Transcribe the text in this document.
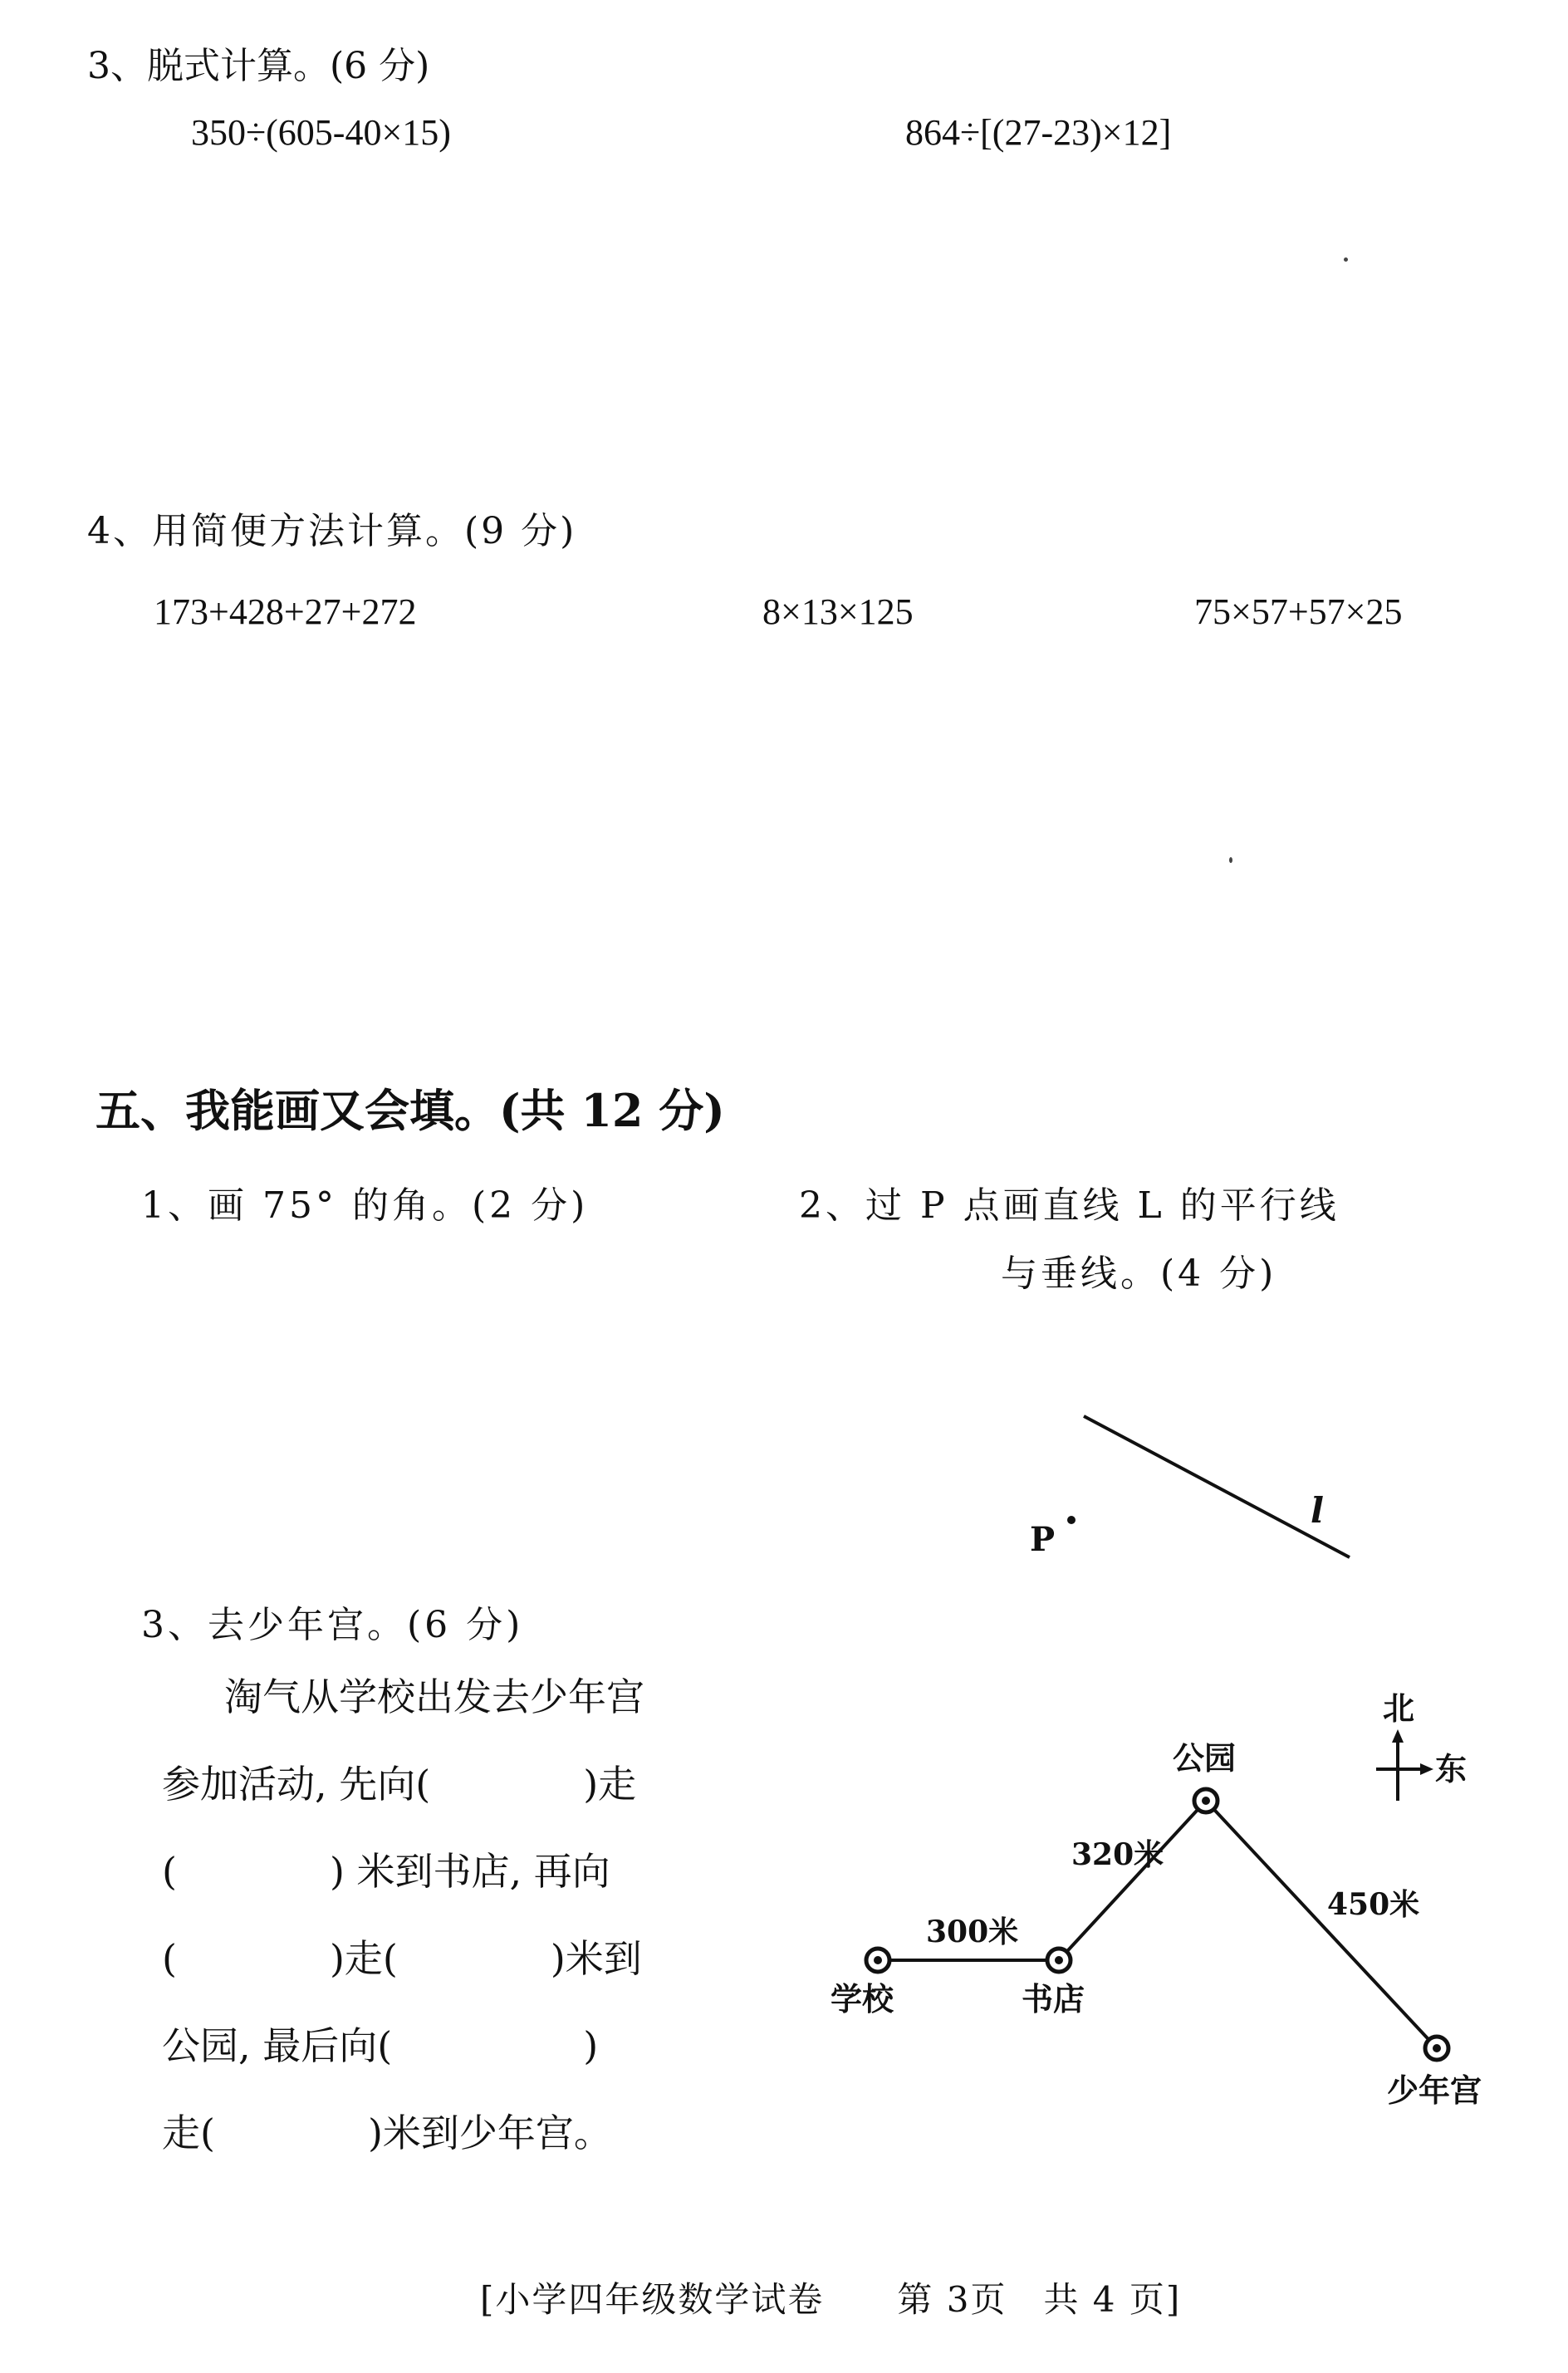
3、脱式计算。(6 分)
350÷(605-40×15)	864÷[(27-23)×12]
4、用简便方法计算。(9 分)
173+428+27+272	8×13×125	75×57+57×25
五、我能画又会填。(共 12 分)
1、画 75° 的角。(2 分)	2、过 P 点画直线 L 的平行线
与垂线。(4 分)
P
l
3、去少年宫。(6 分)
淘气从学校出发去少年宫
参加活动, 先向(　　　　)走
(　　　　) 米到书店, 再向
(　　　　)走(　　　　)米到
公园, 最后向(　　　　　)
走(　　　　)米到少年宫。
学校	书店
公园
少年宫
300米
320米
450米
北
东
[小学四年级数学试卷　　第 3页　共 4 页]
